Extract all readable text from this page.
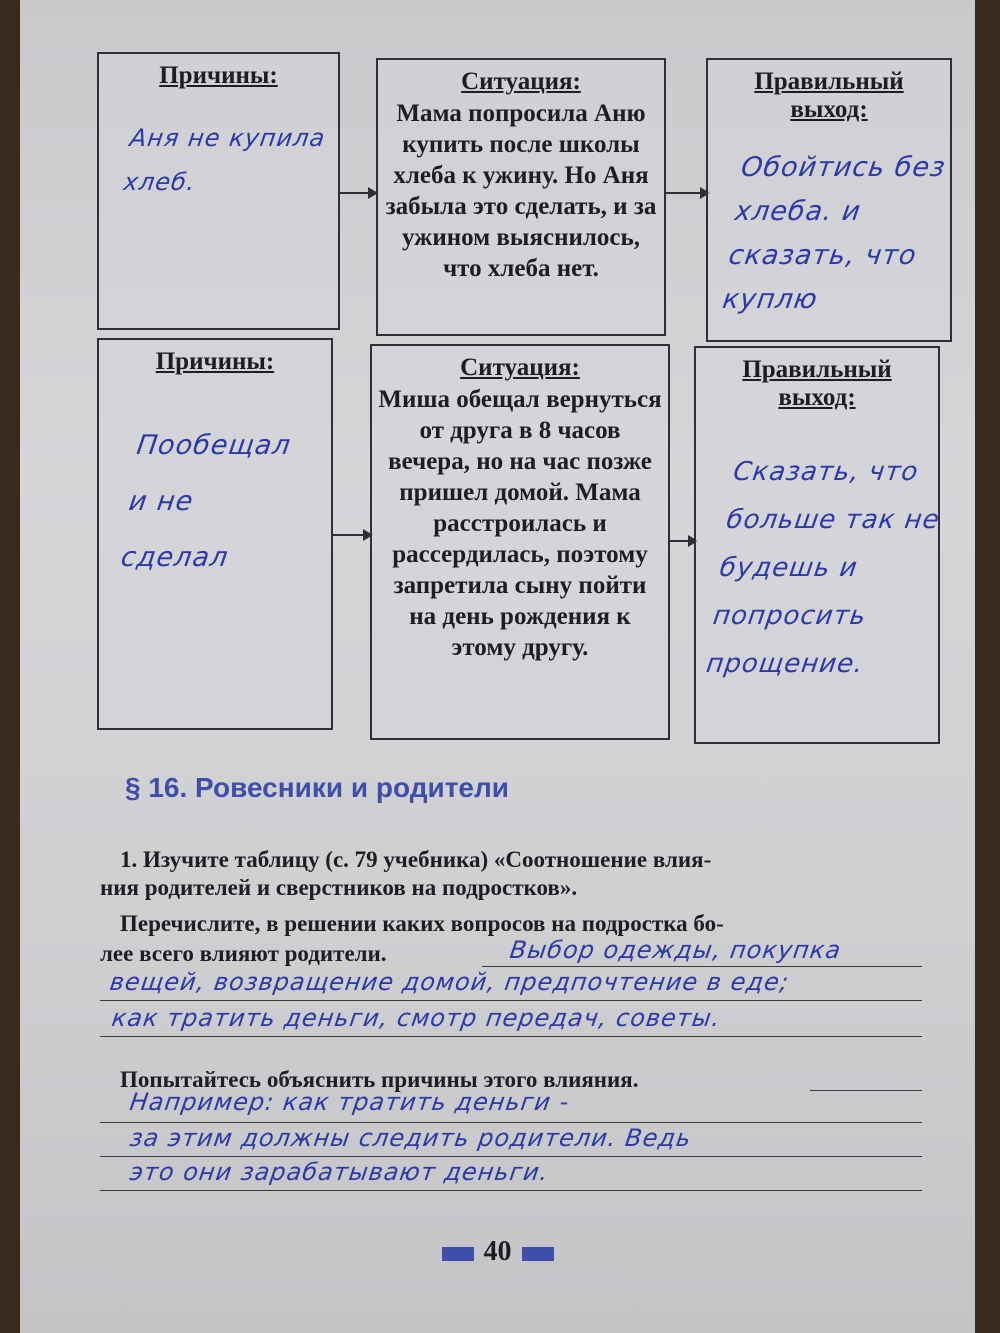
Причины:
Аня не купила хлеб.
Ситуация:
Мама попросила Аню купить после школы хлеба к ужину. Но Аня забыла это сделать, и за ужином выяснилось, что хлеба нет.
Правильный выход:
Обойтись без хлеба. и сказать, что куплю
Причины:
Пообещал и не сделал
Ситуация:
Миша обещал вернуться от друга в 8 часов вечера, но на час позже пришел домой. Мама расстроилась и рассердилась, поэтому запретила сыну пойти на день рождения к этому другу.
Правильный выход:
Сказать, что больше так не будешь и попросить прощение.
§ 16. Ровесники и родители
1. Изучите таблицу (с. 79 учебника) «Соотношение влия-
ния родителей и сверстников на подростков».
Перечислите, в решении каких вопросов на подростка бо-
лее всего влияют родители.	Выбор одежды, покупка
вещей, возвращение домой, предпочтение в еде;
как тратить деньги, смотр передач, советы.
Попытайтесь объяснить причины этого влияния.
Например: как тратить деньги -
за этим должны следить родители. Ведь
это они зарабатывают деньги.
40
